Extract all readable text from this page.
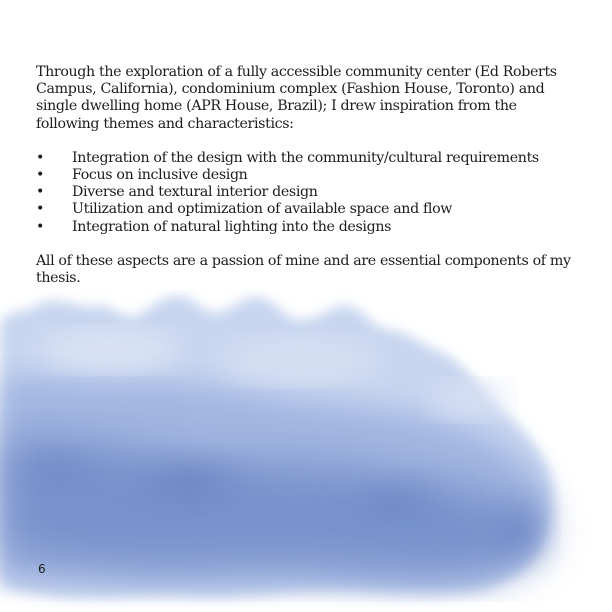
Through the exploration of a fully accessible community center (Ed Roberts Campus, California), condominium complex (Fashion House, Toronto) and single dwelling home (APR House, Brazil); I drew inspiration from the following themes and characteristics:

• Integration of the design with the community/cultural requirements
• Focus on inclusive design
• Diverse and textural interior design
• Utilization and optimization of available space and flow
• Integration of natural lighting into the designs

All of these aspects are a passion of mine and are essential components of my thesis.

6
